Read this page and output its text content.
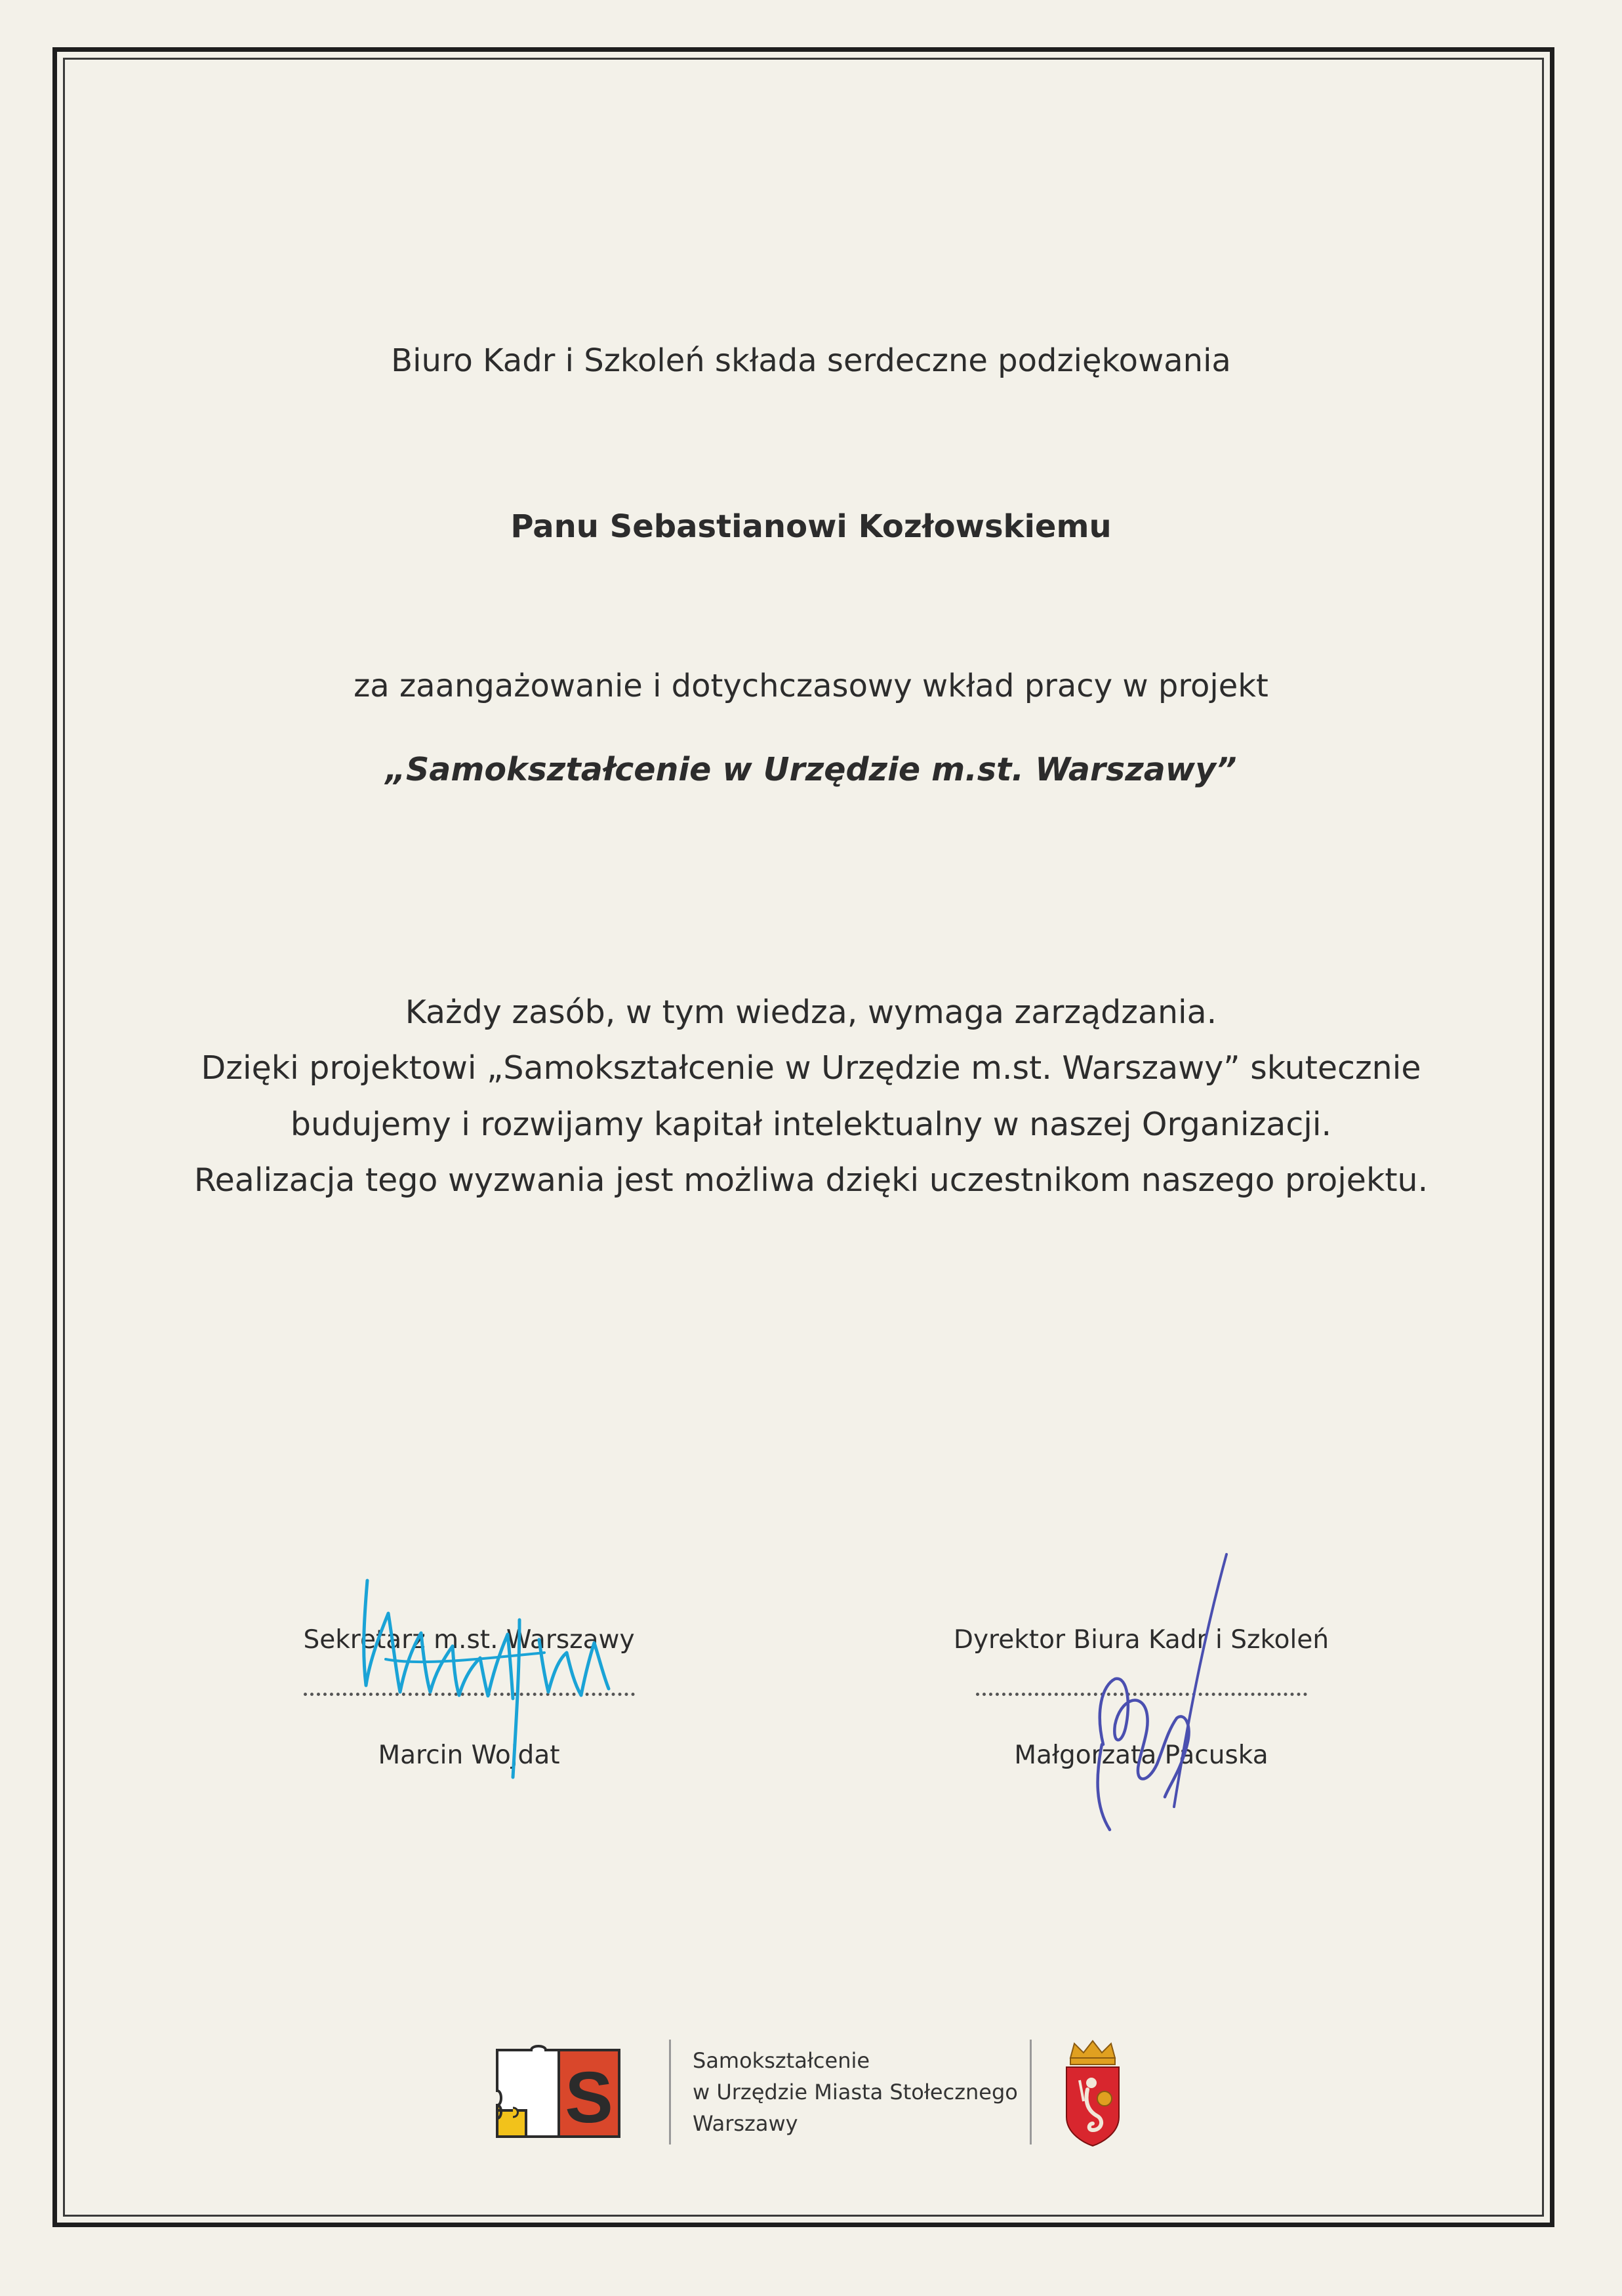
Biuro Kadr i Szkoleń składa serdeczne podziękowania
Panu Sebastianowi Kozłowskiemu
za zaangażowanie i dotychczasowy wkład pracy w projekt
„Samokształcenie w Urzędzie m.st. Warszawy”
Każdy zasób, w tym wiedza, wymaga zarządzania.
Dzięki projektowi „Samokształcenie w Urzędzie m.st. Warszawy” skutecznie
budujemy i rozwijamy kapitał intelektualny w naszej Organizacji.
Realizacja tego wyzwania jest możliwa dzięki uczestnikom naszego projektu.
Sekretarz m.st. Warszawy
Marcin Wojdat
Dyrektor Biura Kadr i Szkoleń
Małgorzata Pacuska
S	Samokształcenie
w Urzędzie Miasta Stołecznego
Warszawy
